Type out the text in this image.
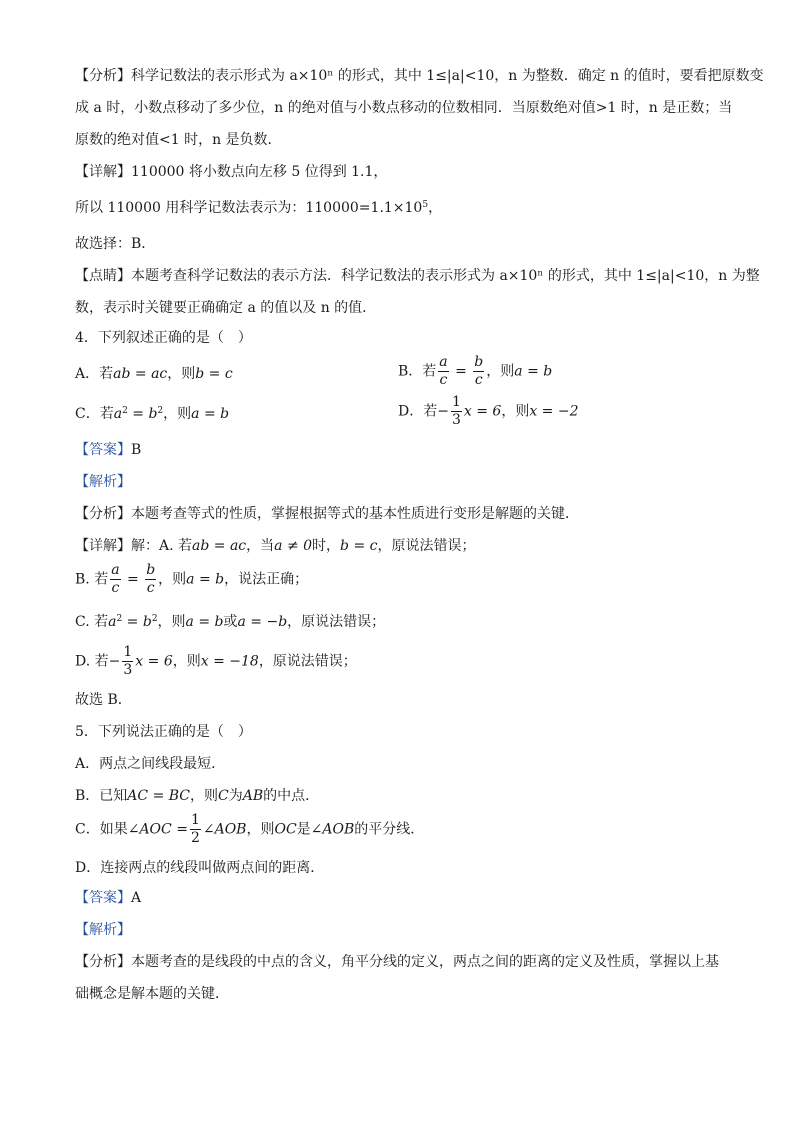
【分析】科学记数法的表示形式为 a×10ⁿ 的形式，其中 1≤|a|<10，n 为整数．确定 n 的值时，要看把原数变
成 a 时，小数点移动了多少位，n 的绝对值与小数点移动的位数相同．当原数绝对值>1 时，n 是正数；当
原数的绝对值<1 时，n 是负数．
【详解】110000 将小数点向左移 5 位得到 1.1，
所以 110000 用科学记数法表示为：$110000=1.1\times 10^5$，
故选择：B．
【点睛】本题考查科学记数法的表示方法．科学记数法的表示形式为 a×10ⁿ 的形式，其中 1≤|a|<10，n 为整
数，表示时关键要正确确定 a 的值以及 n 的值．
4．下列叙述正确的是（　）
A．若ab = ac，则b = c	B．若 $\frac{a}{c} = \frac{b}{c}$ ，则a = b
C．若$a^2 = b^2$，则a = b	D．若− $\frac{1}{3}$ x = 6，则x = −2
【答案】B
【解析】
【分析】本题考查等式的性质，掌握根据等式的基本性质进行变形是解题的关键．
【详解】解：A. 若ab = ac，当a ≠ 0时，b = c，原说法错误；
B. 若 $\frac{a}{c} = \frac{b}{c}$ ，则a = b，说法正确；
C. 若$a^2 = b^2$，则a = b或a = −b，原说法错误；
D. 若− $\frac{1}{3}$ x = 6，则x = −18，原说法错误；
故选 B．
5．下列说法正确的是（　）
A．两点之间线段最短．
B．已知AC = BC，则C为AB的中点．
C．如果∠AOC = $\frac{1}{2}$ ∠AOB，则OC是∠AOB的平分线．
D．连接两点的线段叫做两点间的距离．
【答案】A
【解析】
【分析】本题考查的是线段的中点的含义，角平分线的定义，两点之间的距离的定义及性质，掌握以上基
础概念是解本题的关键．
